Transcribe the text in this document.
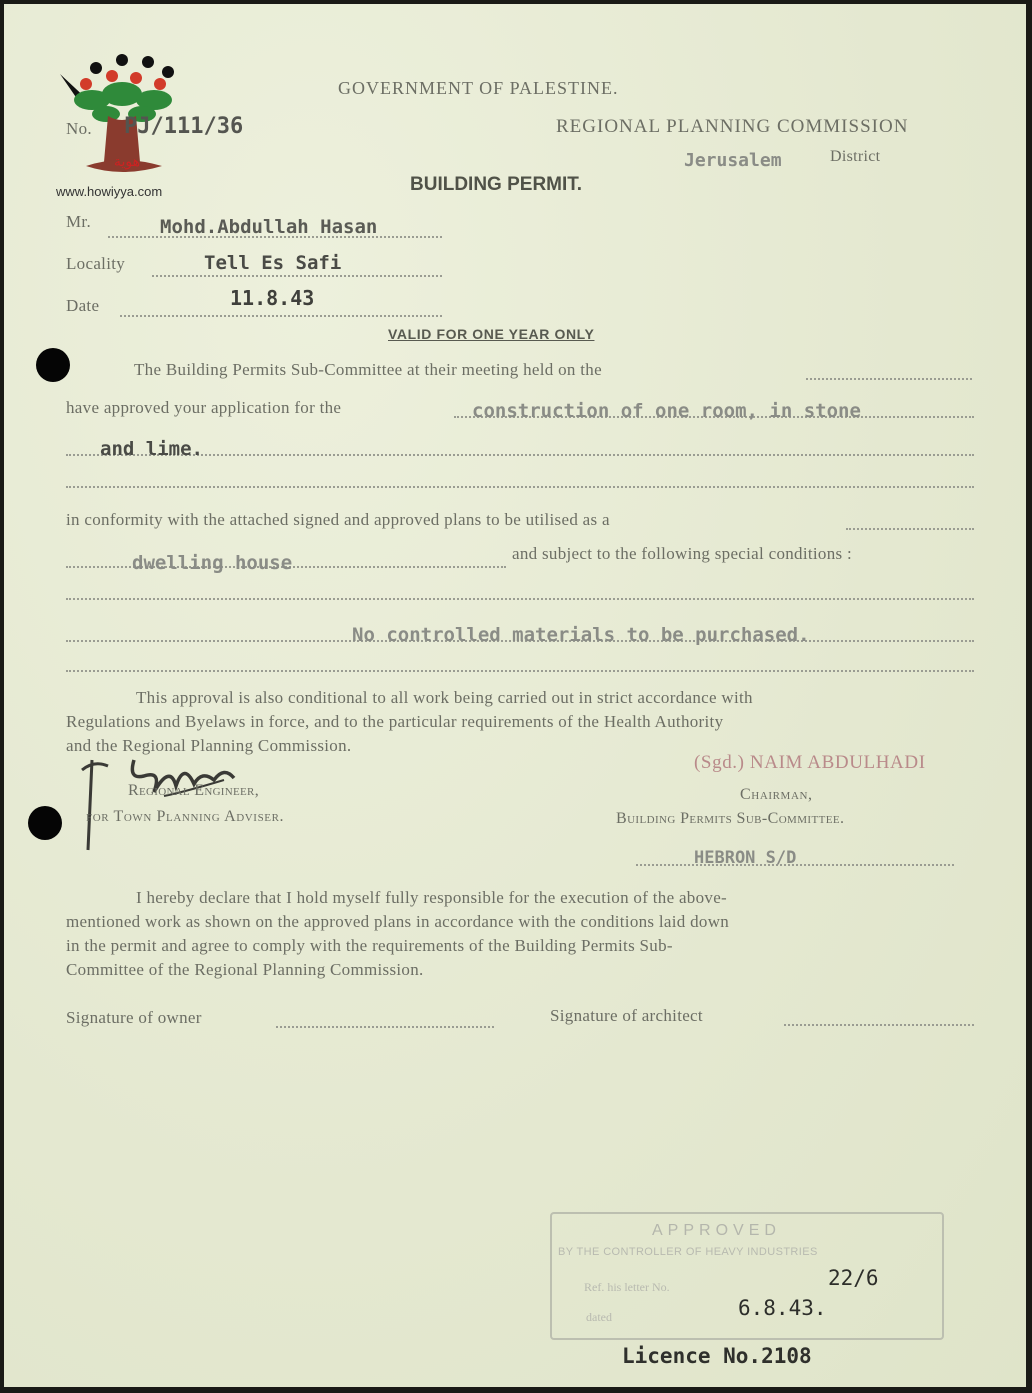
هوية
www.howiyya.com
GOVERNMENT OF PALESTINE.
No. PJ/111/36	REGIONAL PLANNING COMMISSION
Jerusalem	District
BUILDING PERMIT.
Mr.	Mohd.Abdullah Hasan
Locality	Tell Es Safi
Date	11.8.43
VALID FOR ONE YEAR ONLY
The Building Permits Sub-Committee at their meeting held on the
have approved your application for the	construction of one room, in stone
and lime.
in conformity with the attached signed and approved plans to be utilised as a
dwelling house	and subject to the following special conditions :
No controlled materials to be purchased.
This approval is also conditional to all work being carried out in strict accordance with
Regulations and Byelaws in force, and to the particular requirements of the Health Authority
and the Regional Planning Commission.
Regional Engineer,
for Town Planning Adviser.
(Sgd.) NAIM ABDULHADI
Chairman,
Building Permits Sub-Committee.
HEBRON S/D
I hereby declare that I hold myself fully responsible for the execution of the above-
mentioned work as shown on the approved plans in accordance with the conditions laid down
in the permit and agree to comply with the requirements of the Building Permits Sub-
Committee of the Regional Planning Commission.
Signature of owner	Signature of architect
APPROVED
BY THE CONTROLLER OF HEAVY INDUSTRIES
Ref. his letter No.	22/6
dated	6.8.43.
Licence No.2108
